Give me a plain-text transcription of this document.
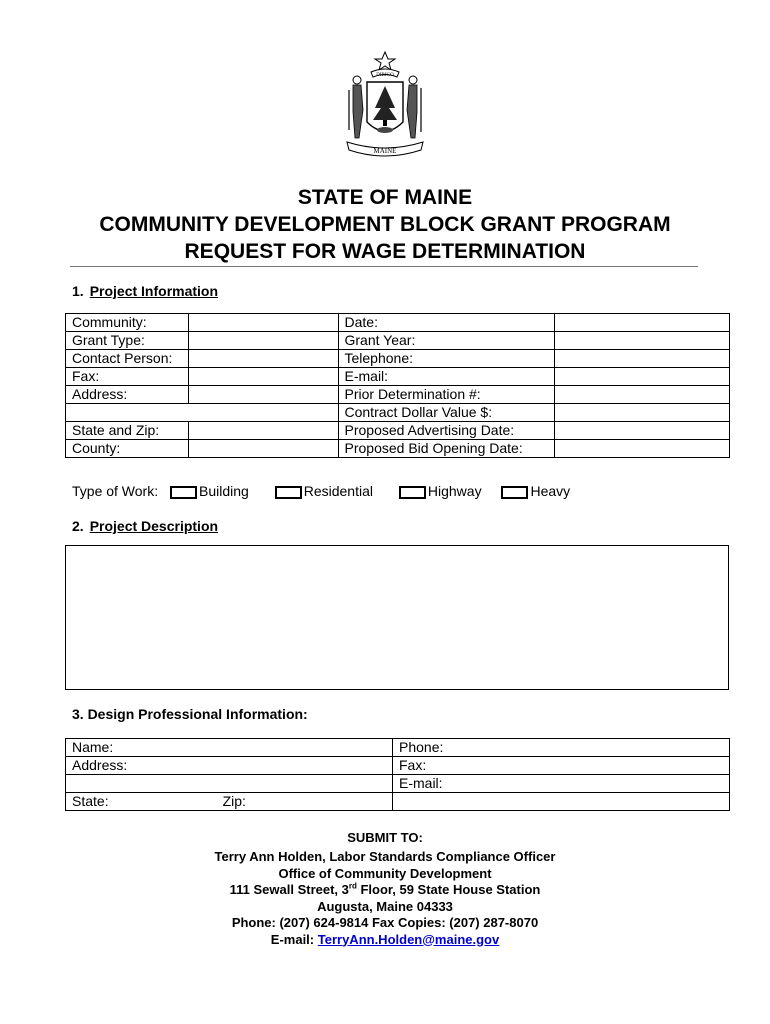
MAINE
DIRIGO
STATE OF MAINE
COMMUNITY DEVELOPMENT BLOCK GRANT PROGRAM
REQUEST FOR WAGE DETERMINATION
1. Project Information
Community:		Date:	
Grant Type:		Grant Year:	
Contact Person:		Telephone:	
Fax:		E-mail:	
Address:		Prior Determination #:	
		Contract Dollar Value $:	
State and Zip:		Proposed Advertising Date:	
County:		Proposed Bid Opening Date:	
Type of Work:	Building	Residential	Highway	Heavy
2. Project Description
3. Design Professional Information:
Name:	Phone:
Address:	Fax:
	E-mail:
State: Zip:	
SUBMIT TO:
Terry Ann Holden, Labor Standards Compliance Officer
Office of Community Development
111 Sewall Street, 3rd Floor, 59 State House Station
Augusta, Maine 04333
Phone: (207) 624-9814 Fax Copies: (207) 287-8070
E-mail: TerryAnn.Holden@maine.gov
